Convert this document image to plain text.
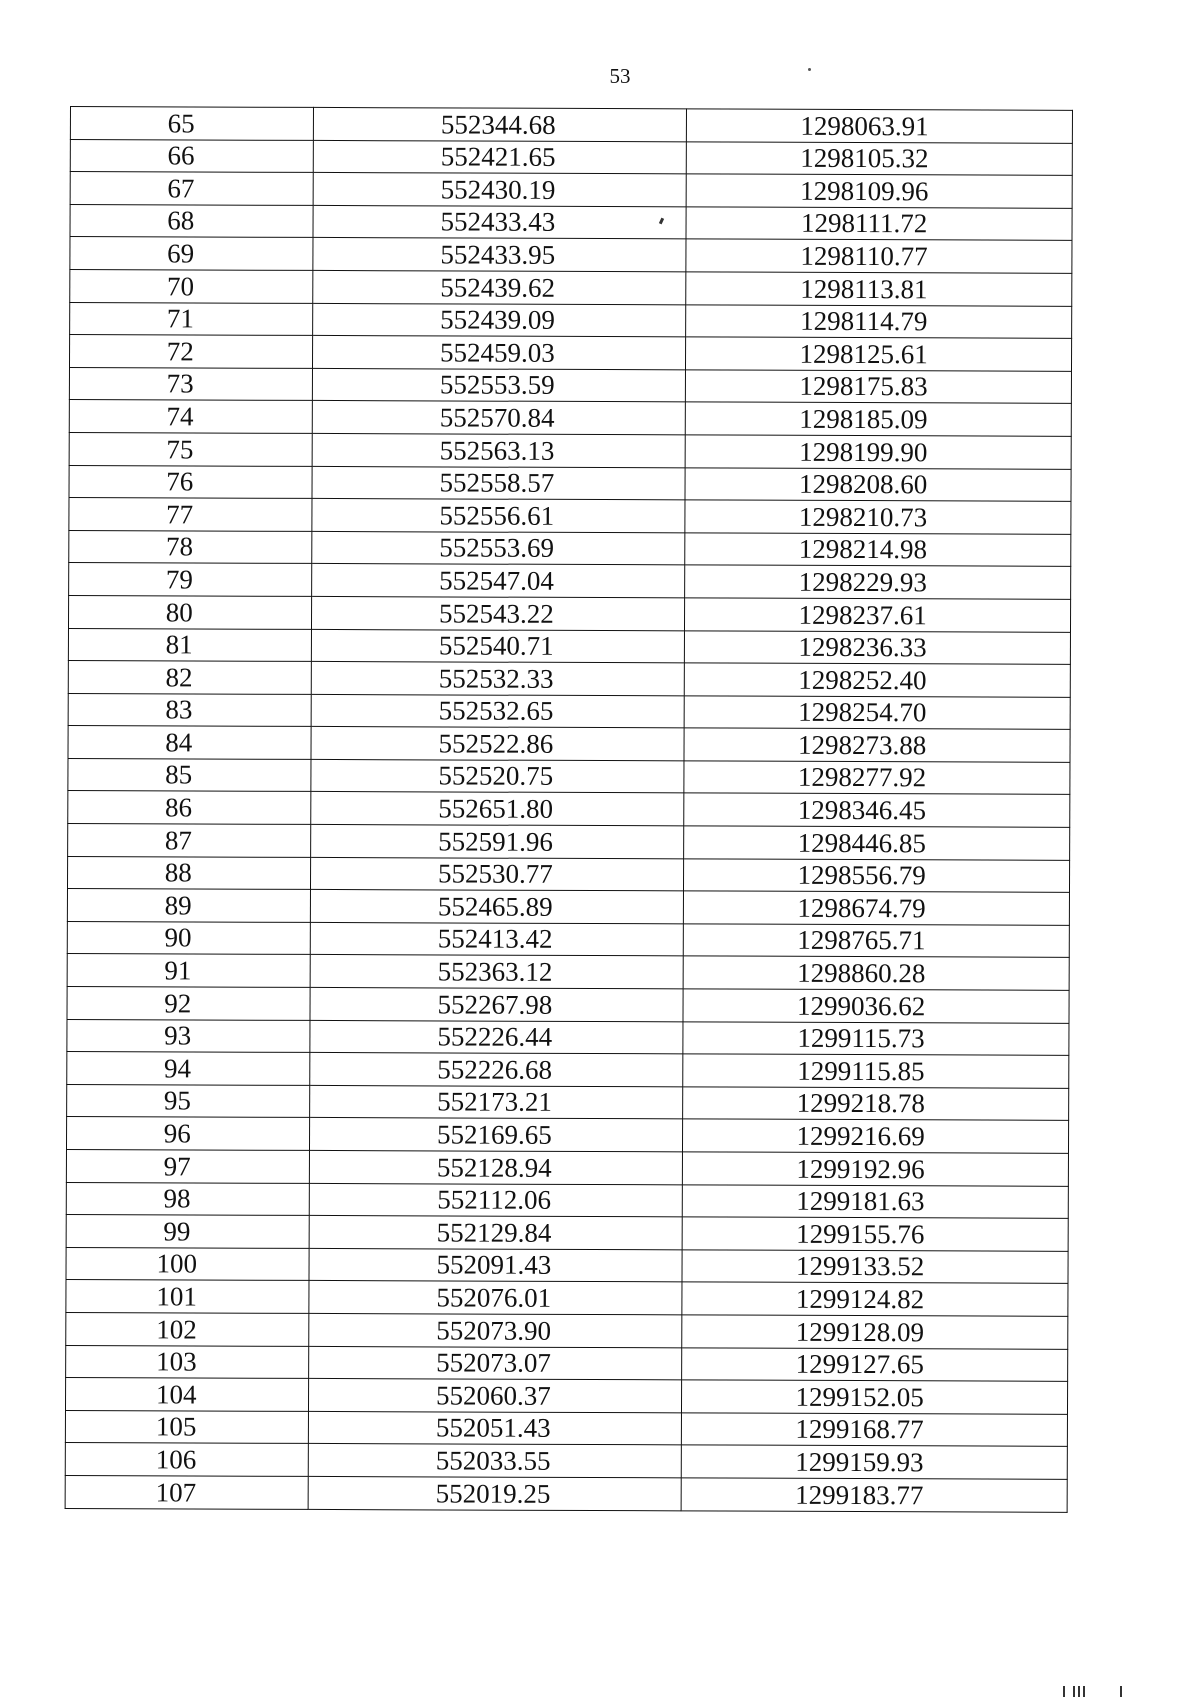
53
65	552344.68	1298063.91
66	552421.65	1298105.32
67	552430.19	1298109.96
68	552433.43	1298111.72
69	552433.95	1298110.77
70	552439.62	1298113.81
71	552439.09	1298114.79
72	552459.03	1298125.61
73	552553.59	1298175.83
74	552570.84	1298185.09
75	552563.13	1298199.90
76	552558.57	1298208.60
77	552556.61	1298210.73
78	552553.69	1298214.98
79	552547.04	1298229.93
80	552543.22	1298237.61
81	552540.71	1298236.33
82	552532.33	1298252.40
83	552532.65	1298254.70
84	552522.86	1298273.88
85	552520.75	1298277.92
86	552651.80	1298346.45
87	552591.96	1298446.85
88	552530.77	1298556.79
89	552465.89	1298674.79
90	552413.42	1298765.71
91	552363.12	1298860.28
92	552267.98	1299036.62
93	552226.44	1299115.73
94	552226.68	1299115.85
95	552173.21	1299218.78
96	552169.65	1299216.69
97	552128.94	1299192.96
98	552112.06	1299181.63
99	552129.84	1299155.76
100	552091.43	1299133.52
101	552076.01	1299124.82
102	552073.90	1299128.09
103	552073.07	1299127.65
104	552060.37	1299152.05
105	552051.43	1299168.77
106	552033.55	1299159.93
107	552019.25	1299183.77
